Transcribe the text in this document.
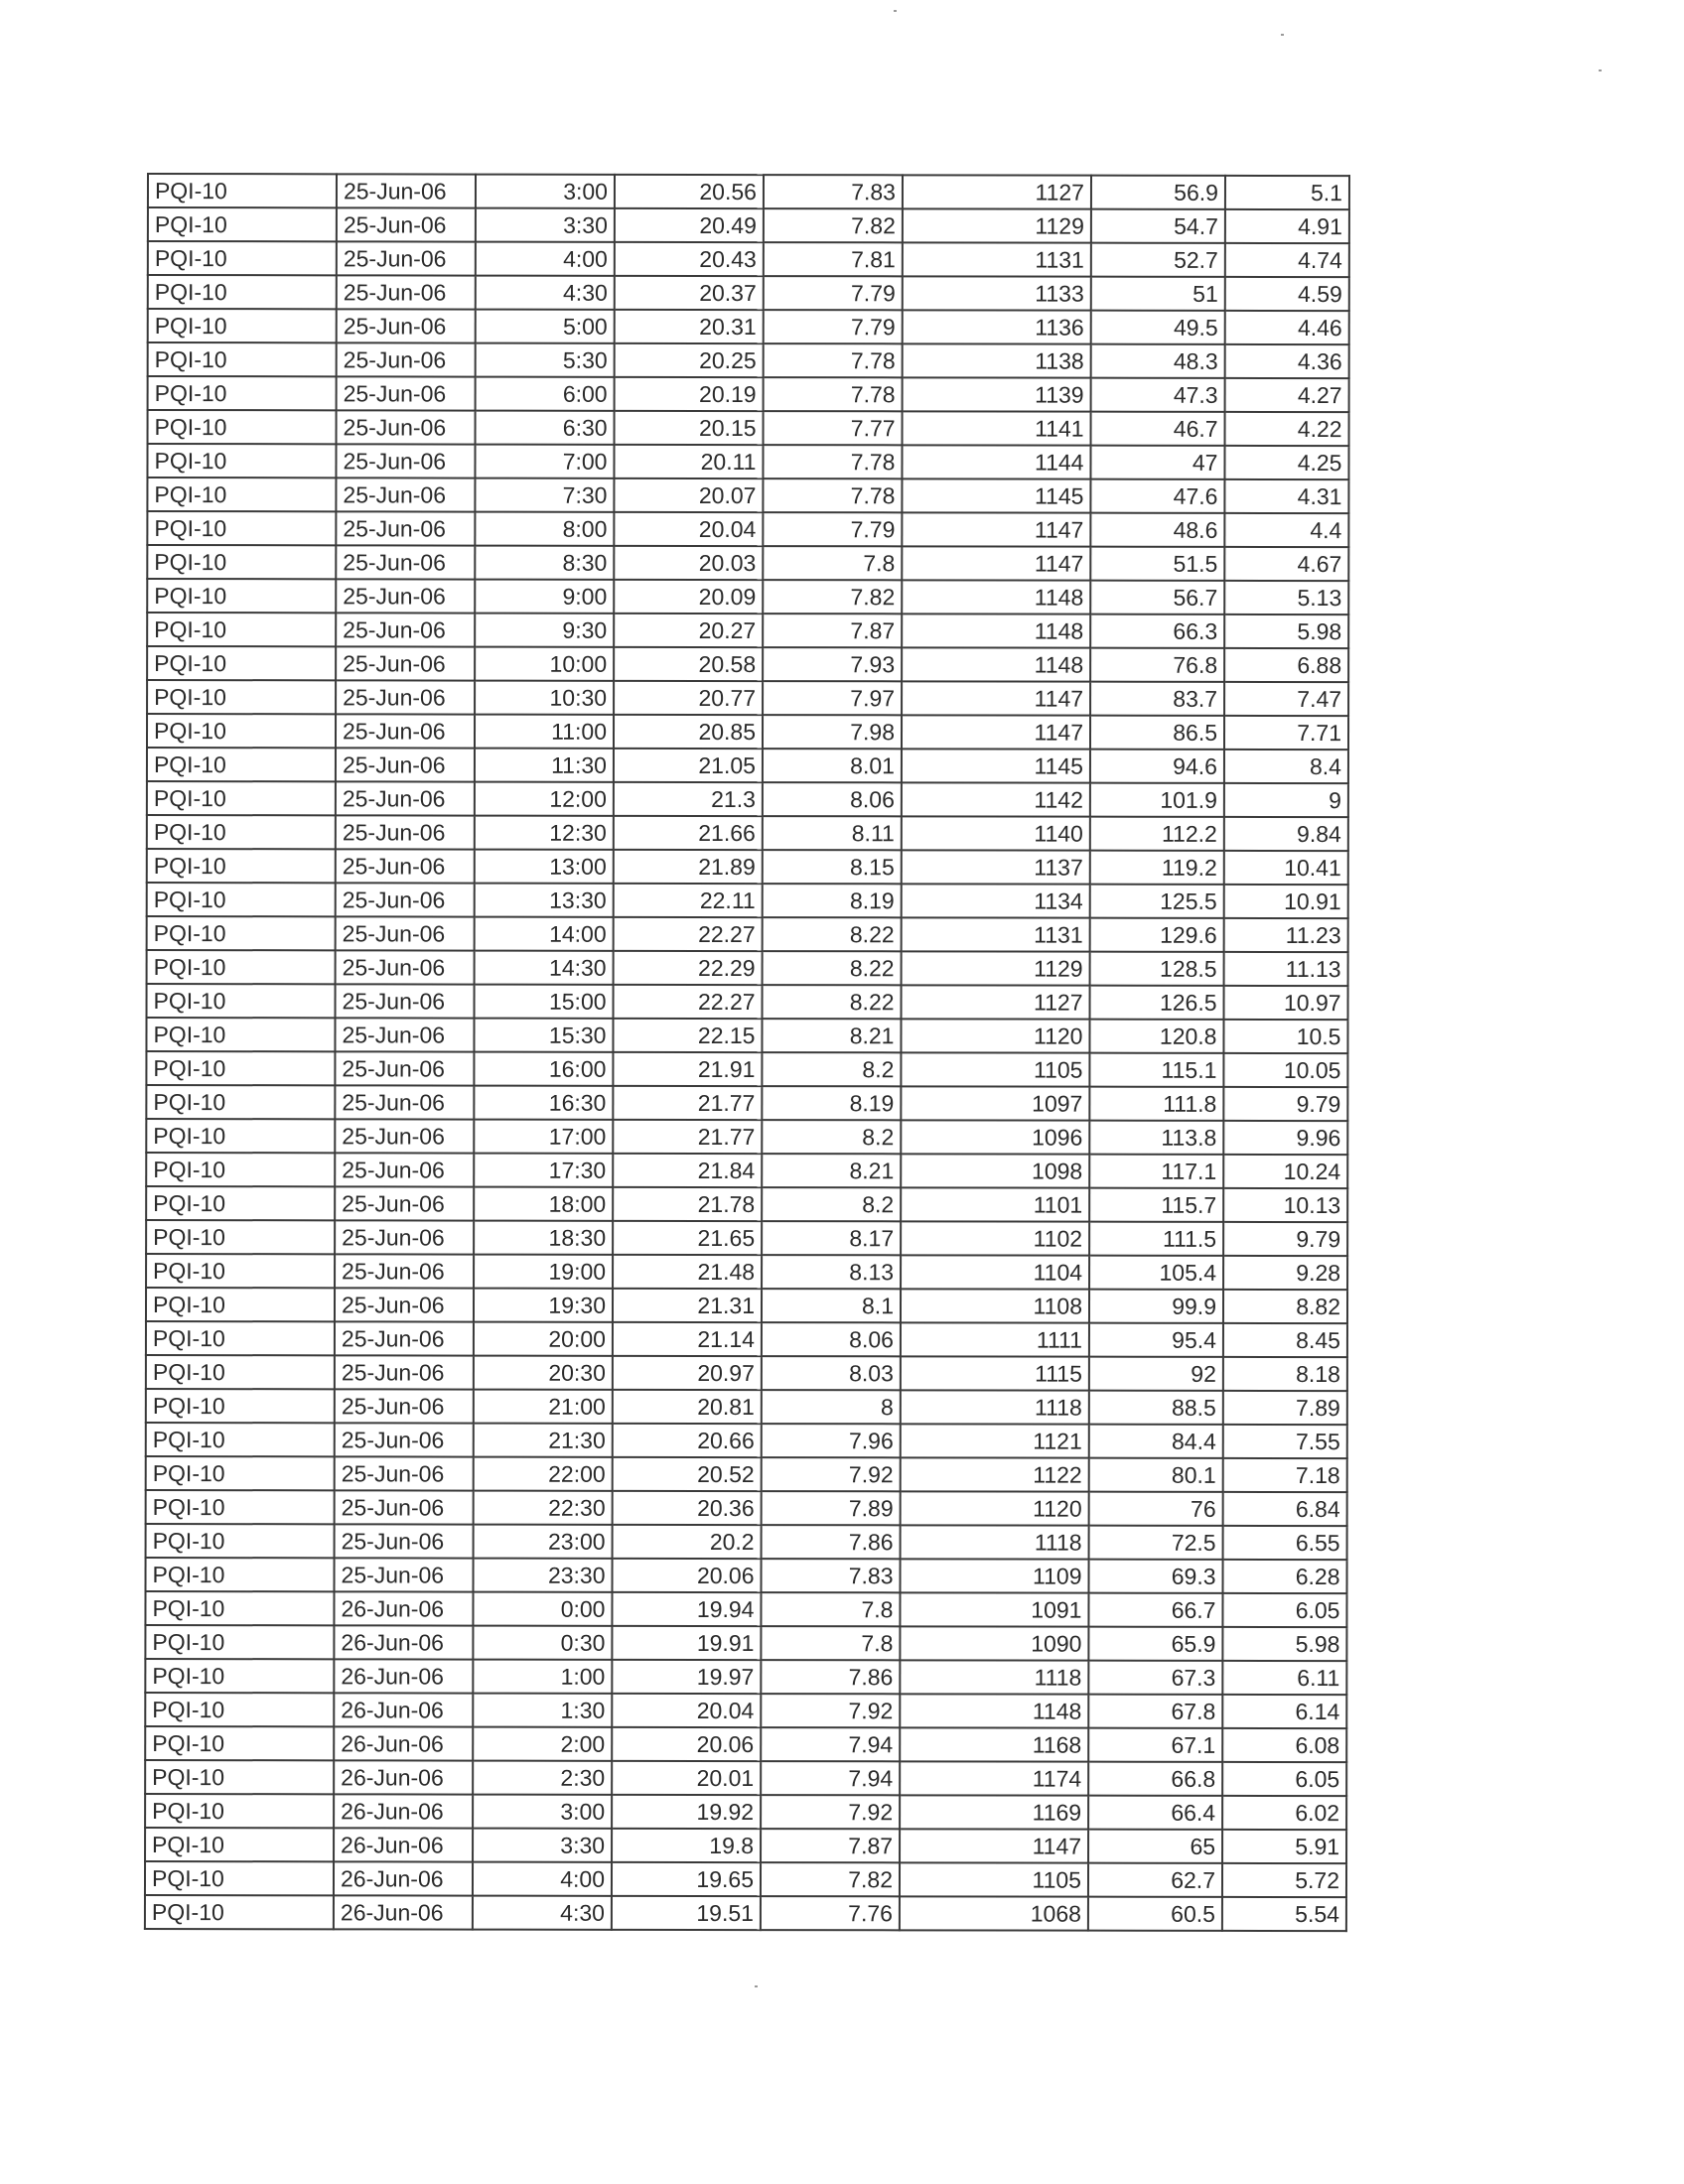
PQI-10	25-Jun-06	3:00	20.56	7.83	1127	56.9	5.1
PQI-10	25-Jun-06	3:30	20.49	7.82	1129	54.7	4.91
PQI-10	25-Jun-06	4:00	20.43	7.81	1131	52.7	4.74
PQI-10	25-Jun-06	4:30	20.37	7.79	1133	51	4.59
PQI-10	25-Jun-06	5:00	20.31	7.79	1136	49.5	4.46
PQI-10	25-Jun-06	5:30	20.25	7.78	1138	48.3	4.36
PQI-10	25-Jun-06	6:00	20.19	7.78	1139	47.3	4.27
PQI-10	25-Jun-06	6:30	20.15	7.77	1141	46.7	4.22
PQI-10	25-Jun-06	7:00	20.11	7.78	1144	47	4.25
PQI-10	25-Jun-06	7:30	20.07	7.78	1145	47.6	4.31
PQI-10	25-Jun-06	8:00	20.04	7.79	1147	48.6	4.4
PQI-10	25-Jun-06	8:30	20.03	7.8	1147	51.5	4.67
PQI-10	25-Jun-06	9:00	20.09	7.82	1148	56.7	5.13
PQI-10	25-Jun-06	9:30	20.27	7.87	1148	66.3	5.98
PQI-10	25-Jun-06	10:00	20.58	7.93	1148	76.8	6.88
PQI-10	25-Jun-06	10:30	20.77	7.97	1147	83.7	7.47
PQI-10	25-Jun-06	11:00	20.85	7.98	1147	86.5	7.71
PQI-10	25-Jun-06	11:30	21.05	8.01	1145	94.6	8.4
PQI-10	25-Jun-06	12:00	21.3	8.06	1142	101.9	9
PQI-10	25-Jun-06	12:30	21.66	8.11	1140	112.2	9.84
PQI-10	25-Jun-06	13:00	21.89	8.15	1137	119.2	10.41
PQI-10	25-Jun-06	13:30	22.11	8.19	1134	125.5	10.91
PQI-10	25-Jun-06	14:00	22.27	8.22	1131	129.6	11.23
PQI-10	25-Jun-06	14:30	22.29	8.22	1129	128.5	11.13
PQI-10	25-Jun-06	15:00	22.27	8.22	1127	126.5	10.97
PQI-10	25-Jun-06	15:30	22.15	8.21	1120	120.8	10.5
PQI-10	25-Jun-06	16:00	21.91	8.2	1105	115.1	10.05
PQI-10	25-Jun-06	16:30	21.77	8.19	1097	111.8	9.79
PQI-10	25-Jun-06	17:00	21.77	8.2	1096	113.8	9.96
PQI-10	25-Jun-06	17:30	21.84	8.21	1098	117.1	10.24
PQI-10	25-Jun-06	18:00	21.78	8.2	1101	115.7	10.13
PQI-10	25-Jun-06	18:30	21.65	8.17	1102	111.5	9.79
PQI-10	25-Jun-06	19:00	21.48	8.13	1104	105.4	9.28
PQI-10	25-Jun-06	19:30	21.31	8.1	1108	99.9	8.82
PQI-10	25-Jun-06	20:00	21.14	8.06	1111	95.4	8.45
PQI-10	25-Jun-06	20:30	20.97	8.03	1115	92	8.18
PQI-10	25-Jun-06	21:00	20.81	8	1118	88.5	7.89
PQI-10	25-Jun-06	21:30	20.66	7.96	1121	84.4	7.55
PQI-10	25-Jun-06	22:00	20.52	7.92	1122	80.1	7.18
PQI-10	25-Jun-06	22:30	20.36	7.89	1120	76	6.84
PQI-10	25-Jun-06	23:00	20.2	7.86	1118	72.5	6.55
PQI-10	25-Jun-06	23:30	20.06	7.83	1109	69.3	6.28
PQI-10	26-Jun-06	0:00	19.94	7.8	1091	66.7	6.05
PQI-10	26-Jun-06	0:30	19.91	7.8	1090	65.9	5.98
PQI-10	26-Jun-06	1:00	19.97	7.86	1118	67.3	6.11
PQI-10	26-Jun-06	1:30	20.04	7.92	1148	67.8	6.14
PQI-10	26-Jun-06	2:00	20.06	7.94	1168	67.1	6.08
PQI-10	26-Jun-06	2:30	20.01	7.94	1174	66.8	6.05
PQI-10	26-Jun-06	3:00	19.92	7.92	1169	66.4	6.02
PQI-10	26-Jun-06	3:30	19.8	7.87	1147	65	5.91
PQI-10	26-Jun-06	4:00	19.65	7.82	1105	62.7	5.72
PQI-10	26-Jun-06	4:30	19.51	7.76	1068	60.5	5.54
